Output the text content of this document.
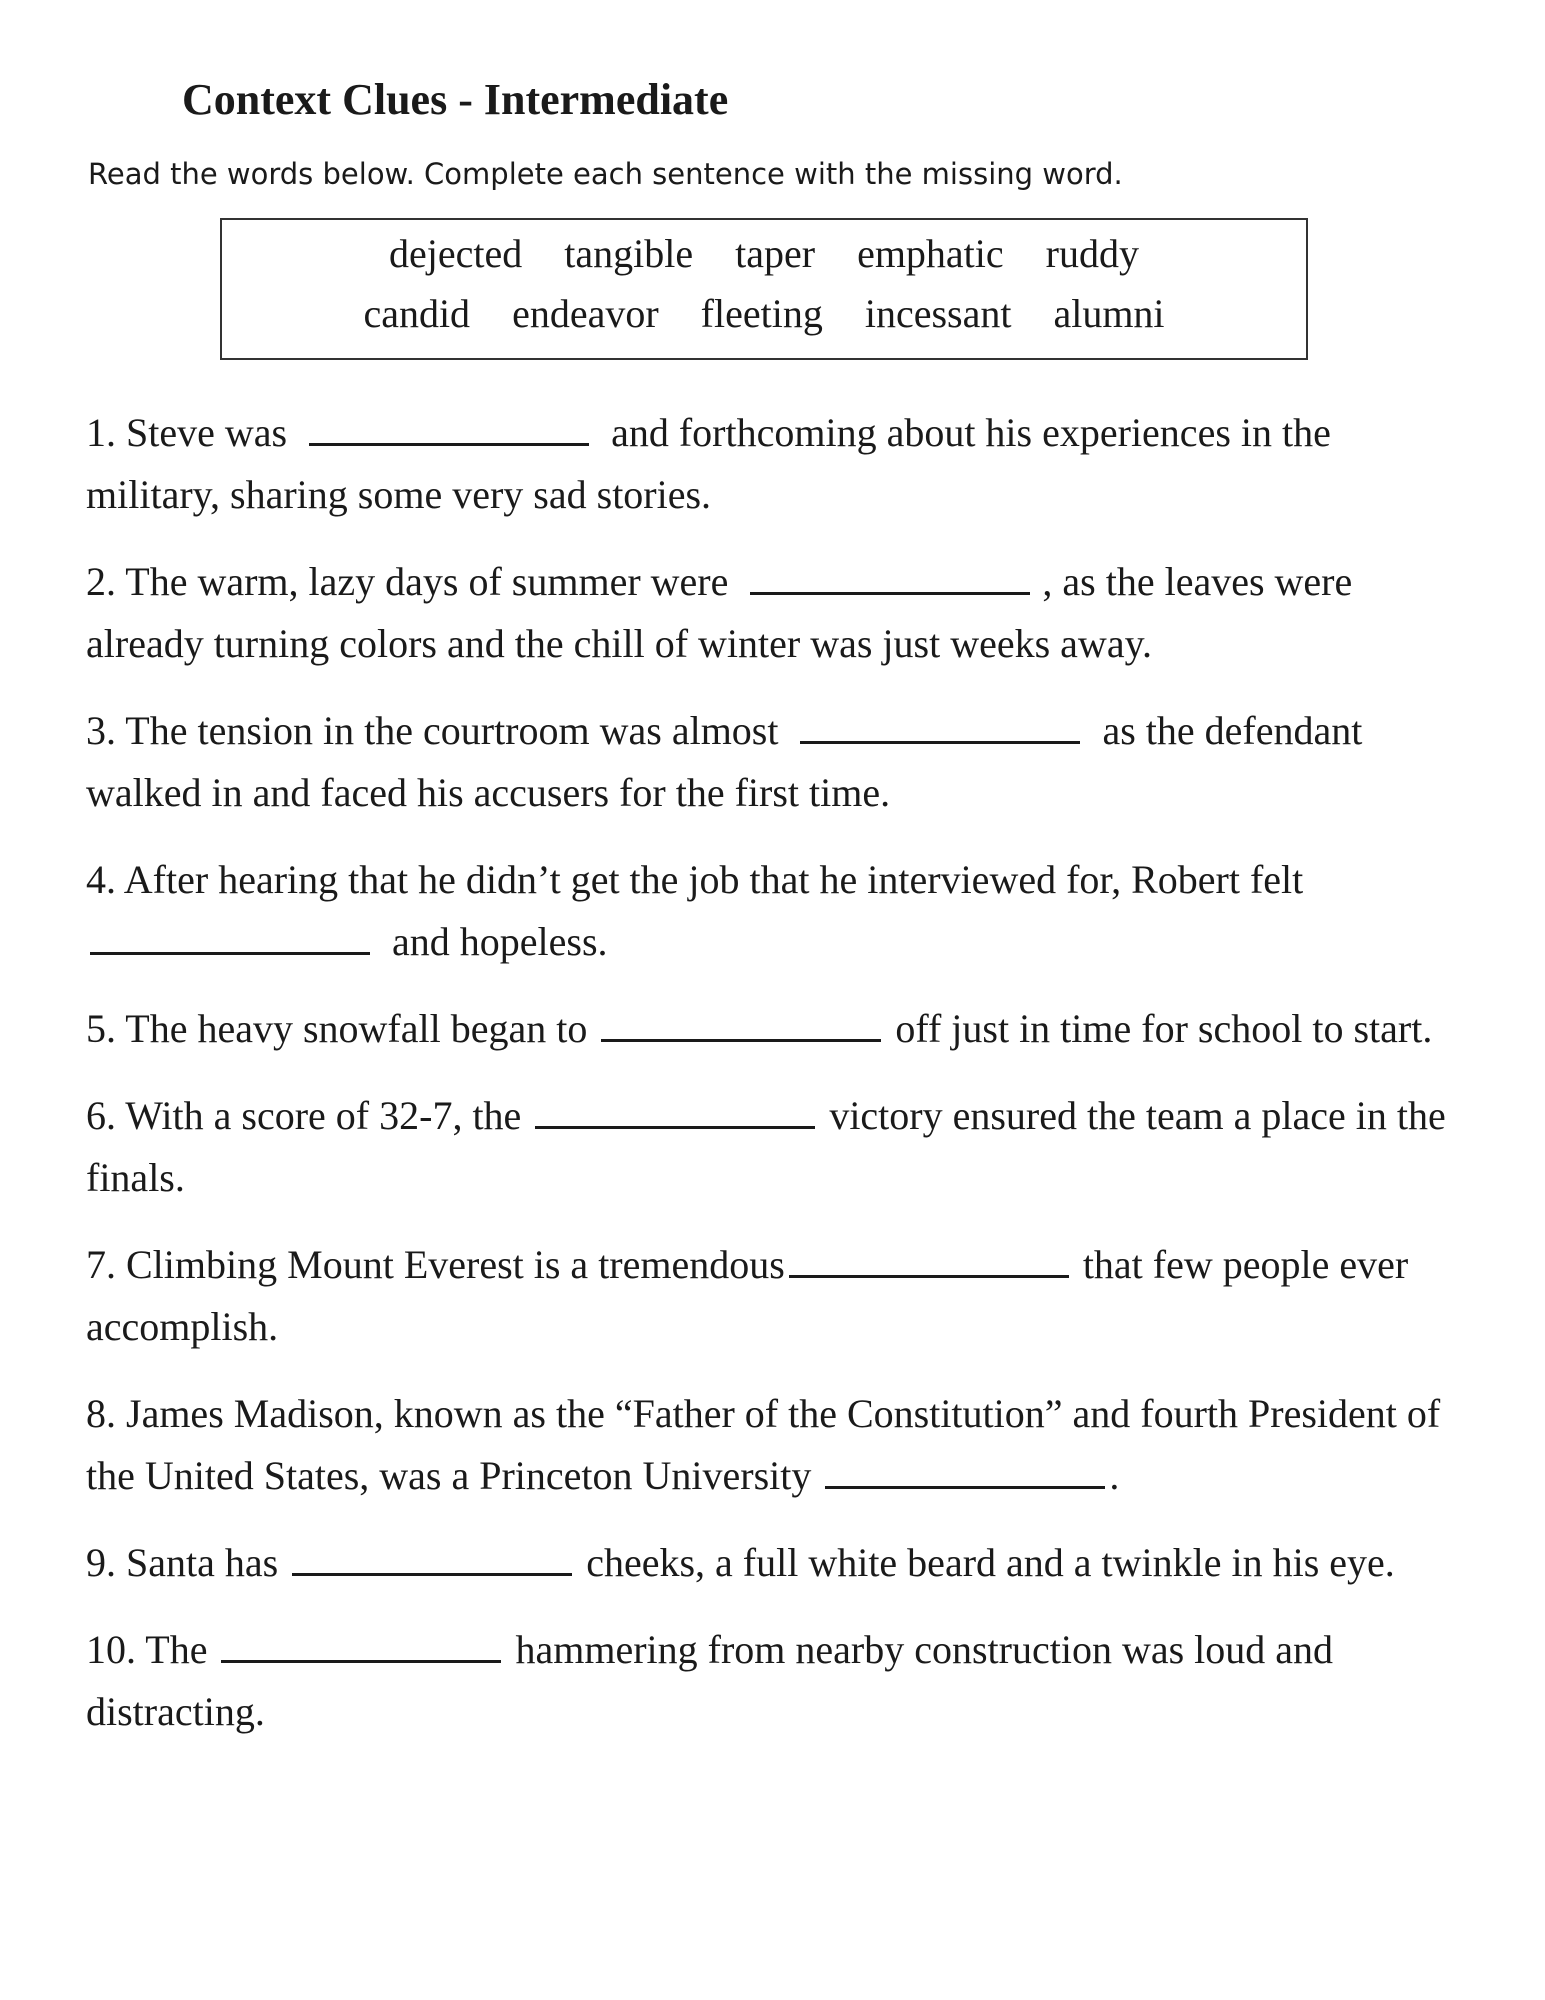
Context Clues - Intermediate

Read the words below. Complete each sentence with the missing word.

dejected tangible taper emphatic ruddy
candid endeavor fleeting incessant alumni
1. Steve was	and forthcoming about his experiences in the military, sharing some very sad stories.
2. The warm, lazy days of summer were	, as the leaves were already turning colors and the chill of winter was just weeks away.
3. The tension in the courtroom was almost	as the defendant walked in and faced his accusers for the first time.
4. After hearing that he didn’t get the job that he interviewed for, Robert felt  and hopeless.
5. The heavy snowfall began to	off just in time for school to start.
6. With a score of 32-7, the	victory ensured the team a place in the finals.
7. Climbing Mount Everest is a tremendous	that few people ever accomplish.
8. James Madison, known as the “Father of the Constitution” and fourth President of the United States, was a Princeton University	.
9. Santa has	cheeks, a full white beard and a twinkle in his eye.
10. The	hammering from nearby construction was loud and distracting.
